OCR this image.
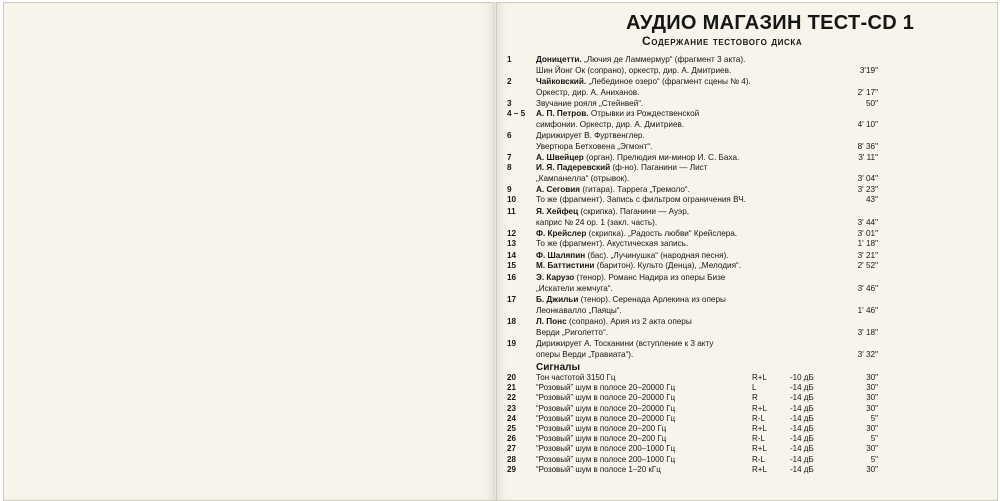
АУДИО МАГАЗИН ТЕСТ-CD 1
Содержание тестового диска
1	Доницетти. „Лючия де Ламмермур“ (фрагмент 3 акта).
Шин Йонг Ок (сопрано), оркестр, дир. А. Дмитриев.	3'19"
2	Чайковский. „Лебединое озеро“ (фрагмент сцены № 4).
Оркестр, дир. А. Аниханов.	2' 17"
3	Звучание рояля „Стейнвей“.	50"
4 – 5	А. П. Петров. Отрывки из Рождественской
симфонии. Оркестр, дир. А. Дмитриев.	4' 10"
6	Дирижирует В. Фуртвенглер.
Увертюра Бетховена „Эгмонт“.	8' 36"
7	А. Швейцер (орган). Прелюдия ми-минор И. С. Баха.	3' 11"
8	И. Я. Падеревский (ф-но). Паганини — Лист
„Кампанелла“ (отрывок).	3' 04"
9	А. Сеговия (гитара). Таррега „Тремоло“.	3' 23"
10	То же (фрагмент). Запись с фильтром ограничения ВЧ.	43"
11	Я. Хейфец (скрипка). Паганини — Ауэр,
каприс № 24 ор. 1 (закл. часть).	3' 44"
12	Ф. Крейслер (скрипка). „Радость любви“ Крейслера.	3' 01"
13	То же (фрагмент). Акустическая запись.	1' 18"
14	Ф. Шаляпин (бас). „Лучинушка“ (народная песня).	3' 21"
15	М. Баттистини (баритон). Культо (Денца), „Мелодия“.	2' 52"
16	Э. Карузо (тенор). Романс Надира из оперы Бизе
„Искатели жемчуга“.	3' 46"
17	Б. Джильи (тенор). Серенада Арлекина из оперы
Леонкавалло „Паяцы“.	1' 46"
18	Л. Понс (сопрано). Ария из 2 акта оперы
Верди „Риголетто“.	3' 18"
19	Дирижирует А. Тосканини (вступление к 3 акту
оперы Верди „Травиата“).	3' 32"
Сигналы
20	Тон частотой 3150 Гц	R+L	-10 дБ	30"
21	“Розовый” шум в полосе 20–20000 Гц	L	-14 дБ	30"
22	“Розовый” шум в полосе 20–20000 Гц	R	-14 дБ	30"
23	“Розовый” шум в полосе 20–20000 Гц	R+L	-14 дБ	30"
24	“Розовый” шум в полосе 20–20000 Гц	R-L	-14 дБ	5"
25	“Розовый” шум в полосе 20–200 Гц	R+L	-14 дБ	30"
26	“Розовый” шум в полосе 20–200 Гц	R-L	-14 дБ	5"
27	“Розовый” шум в полосе 200–1000 Гц	R+L	-14 дБ	30"
28	“Розовый” шум в полосе 200–1000 Гц	R-L	-14 дБ	5"
29	“Розовый” шум в полосе 1–20 кГц	R+L	-14 дБ	30"
